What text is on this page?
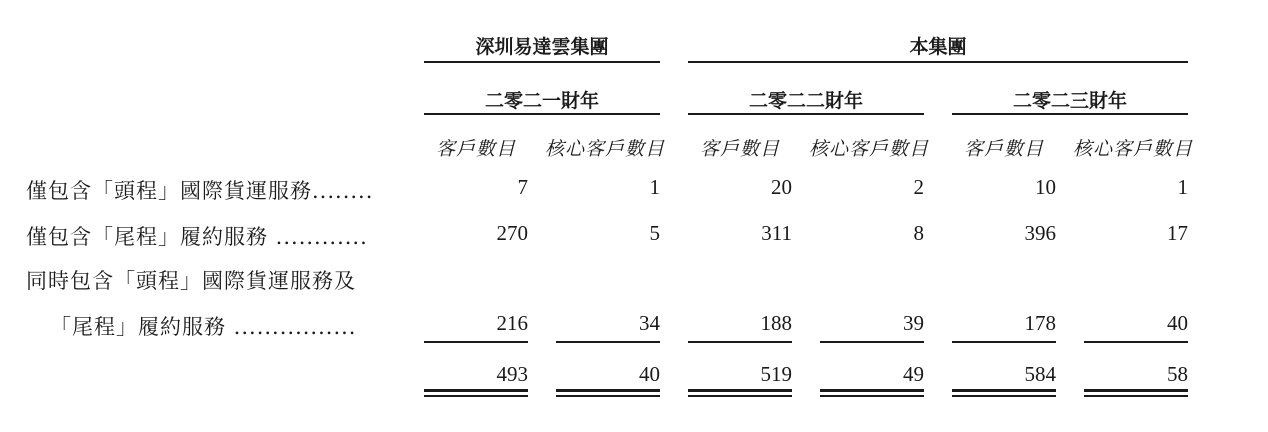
深圳易達雲集團	本集團
二零二一財年	二零二二財年	二零二三財年
客戶數目	核心客戶數目	客戶數目	核心客戶數目	客戶數目	核心客戶數目
僅包含「頭程」國際貨運服務........	7	1	20	2	10	1
僅包含「尾程」履約服務 ............	270	5	311	8	396	17
同時包含「頭程」國際貨運服務及
「尾程」履約服務 ................	216	34	188	39	178	40
493	40	519	49	584	58
